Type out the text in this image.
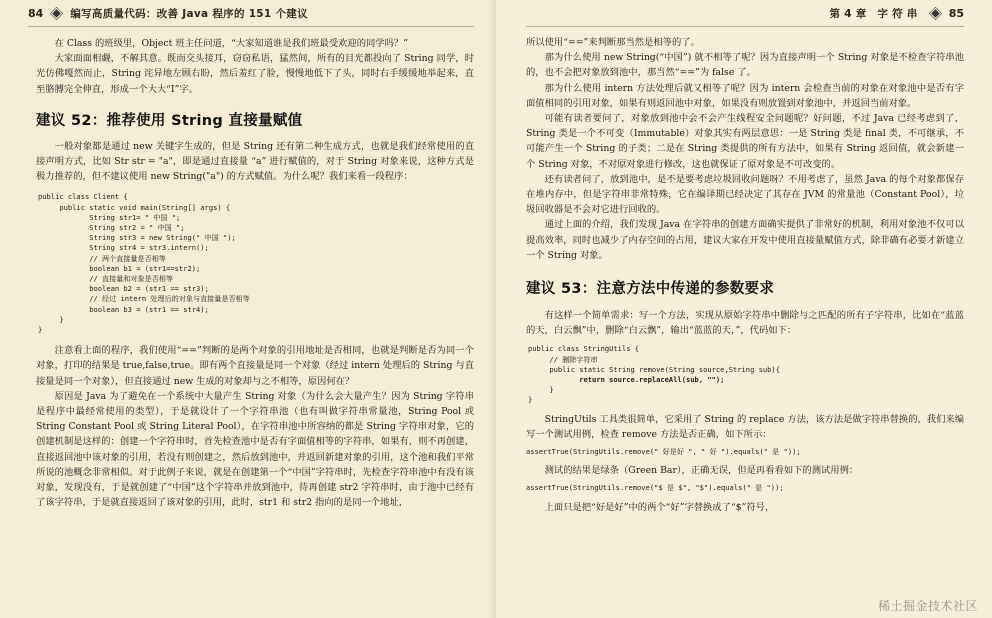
84	编写高质量代码：改善 Java 程序的 151 个建议

在 Class 的班级里，Object 班主任问道，“大家知道谁是我们班最受欢迎的同学吗？”

大家面面相觑，不解其意。既而交头接耳，窃窃私语，猛然间，所有的目光都投向了 String 同学，时光仿佛嘎然而止，String 诧异地左顾右盼，然后羞红了脸，慢慢地低下了头，同时右手缓缓地举起来，直至胳膊完全伸直，形成一个大大“Ⅰ”字。

建议 52：推荐使用 String 直接量赋值

一般对象都是通过 new 关键字生成的，但是 String 还有第二种生成方式，也就是我们经常使用的直接声明方式，比如 Str str = "a"，即是通过直接量 “a” 进行赋值的，对于 String 对象来说，这种方式是极力推荐的，但不建议使用 new String("a") 的方式赋值。为什么呢？我们来看一段程序：

public class Client {
public static void main(String[] args) {
String str1= " 中国 ";
String str2 = " 中国 ";
String str3 = new String(" 中国 ");
String str4 = str3.intern();
// 两个直接量是否相等
boolean b1 = (str1==str2);
// 直接量和对象是否相等
boolean b2 = (str1 == str3);
// 经过 intern 处理后的对象与直接量是否相等
boolean b3 = (str1 == str4);
}
}

注意看上面的程序，我们使用“==”判断的是两个对象的引用地址是否相同，也就是判断是否为同一个对象，打印的结果是 true,false,true。即有两个直接量是同一个对象（经过 intern 处理后的 String 与直接量是同一个对象），但直接通过 new 生成的对象却与之不相等，原因何在？

原因是 Java 为了避免在一个系统中大量产生 String 对象（为什么会大量产生？因为 String 字符串是程序中最经常使用的类型），于是就设计了一个字符串池（也有叫做字符串常量池，String Pool 或 String Constant Pool 或 String Literal Pool），在字符串池中所容纳的都是 String 字符串对象，它的创建机制是这样的：创建一个字符串时，首先检查池中是否有字面值相等的字符串，如果有，则不再创建，直接返回池中该对象的引用，若没有则创建之，然后放到池中，并返回新建对象的引用，这个池和我们平常所说的池概念非常相似。对于此例子来说，就是在创建第一个“中国”字符串时，先检查字符串池中有没有该对象，发现没有，于是就创建了“中国”这个字符串并放到池中，待再创建 str2 字符串时，由于池中已经有了该字符串，于是就直接返回了该对象的引用，此时，str1 和 str2 指向的是同一个地址，

第 4 章　字 符 串	85

所以使用“==”来判断那当然是相等的了。

那为什么使用 new String(“中国”) 就不相等了呢？因为直接声明一个 String 对象是不检查字符串池的，也不会把对象放到池中，那当然“==”为 false 了。

那为什么使用 intern 方法处理后就又相等了呢？因为 intern 会检查当前的对象在对象池中是否有字面值相同的引用对象，如果有则返回池中对象，如果没有则放置到对象池中，并返回当前对象。

可能有读者要问了，对象放到池中会不会产生线程安全问题呢？好问题，不过 Java 已经考虑到了，String 类是一个不可变（Immutable）对象其实有两层意思：一是 String 类是 final 类，不可继承，不可能产生一个 String 的子类；二是在 String 类提供的所有方法中，如果有 String 返回值，就会新建一个 String 对象，不对原对象进行修改，这也就保证了原对象是不可改变的。

还有读者问了，放到池中，是不是要考虑垃圾回收问题呀？不用考虑了，虽然 Java 的每个对象都保存在堆内存中，但是字符串非常特殊，它在编译期已经决定了其存在 JVM 的常量池（Constant Pool），垃圾回收器是不会对它进行回收的。

通过上面的介绍，我们发现 Java 在字符串的创建方面确实提供了非常好的机制，利用对象池不仅可以提高效率，同时也减少了内存空间的占用，建议大家在开发中使用直接量赋值方式，除非确有必要才新建立一个 String 对象。

建议 53：注意方法中传递的参数要求

有这样一个简单需求：写一个方法，实现从原始字符串中删除与之匹配的所有子字符串，比如在“蓝蓝的天，白云飘”中，删除“白云飘”，输出“蓝蓝的天，”，代码如下：

public class StringUtils {
// 删除字符串
public static String remove(String source,String sub){
return source.replaceAll(sub, "");
}
}

StringUtils 工具类很简单，它采用了 String 的 replace 方法，该方法是做字符串替换的，我们来编写一个测试用例，检查 remove 方法是否正确，如下所示：

assertTrue(StringUtils.remove(" 好是好 ", " 好 ").equals(" 是 "));

测试的结果是绿条（Green Bar），正确无误，但是再看看如下的测试用例：

assertTrue(StringUtils.remove("$ 是 $", "$").equals(" 是 "));

上面只是把“好是好”中的两个“好”字替换成了“$”符号，

稀土掘金技术社区
